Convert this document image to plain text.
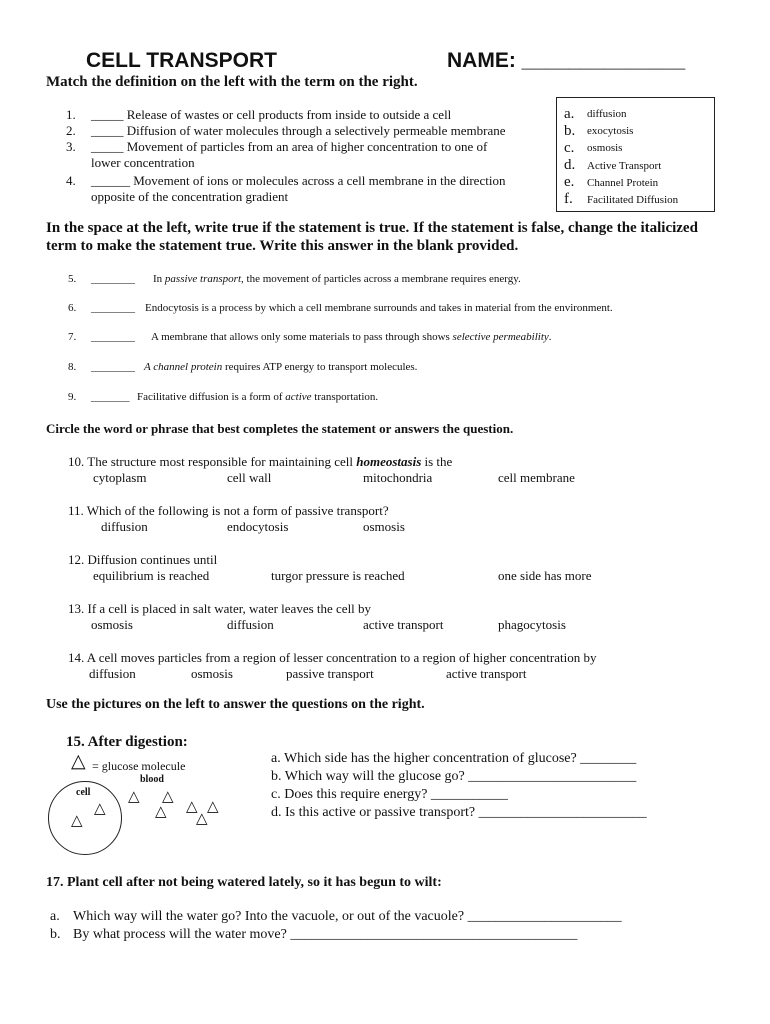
CELL TRANSPORT	NAME: ______________
Match the definition on the left with the term on the right.
1. _____ Release of wastes or cell products from inside to outside a cell
2. _____ Diffusion of water molecules through a selectively permeable membrane
3. _____ Movement of particles from an area of higher concentration to one of
lower concentration
4. ______ Movement of ions or molecules across a cell membrane in the direction
opposite of the concentration gradient
a. diffusion
b. exocytosis
c. osmosis
d. Active Transport
e. Channel Protein
f. Facilitated Diffusion
In the space at the left, write true if the statement is true. If the statement is false, change the italicized
term to make the statement true. Write this answer in the blank provided.
5. ________ In passive transport, the movement of particles across a membrane requires energy.
6. ________ Endocytosis is a process by which a cell membrane surrounds and takes in material from the environment.
7. ________ A membrane that allows only some materials to pass through shows selective permeability.
8. ________ A channel protein requires ATP energy to transport molecules.
9. _______ Facilitative diffusion is a form of active transportation.
Circle the word or phrase that best completes the statement or answers the question.
10. The structure most responsible for maintaining cell homeostasis is the
cytoplasm	cell wall	mitochondria	cell membrane
11. Which of the following is not a form of passive transport?
diffusion	endocytosis	osmosis
12. Diffusion continues until
equilibrium is reached	turgor pressure is reached	one side has more
13. If a cell is placed in salt water, water leaves the cell by
osmosis	diffusion	active transport	phagocytosis
14. A cell moves particles from a region of lesser concentration to a region of higher concentration by
diffusion	osmosis	passive transport	active transport
Use the pictures on the left to answer the questions on the right.
15. After digestion:
△ = glucose molecule
blood
cell
△
△
△ △
△ △ △
△
a. Which side has the higher concentration of glucose? ________
b. Which way will the glucose go? ________________________
c. Does this require energy? ___________
d. Is this active or passive transport? ________________________
17. Plant cell after not being watered lately, so it has begun to wilt:
a. Which way will the water go? Into the vacuole, or out of the vacuole? ______________________
b. By what process will the water move? _________________________________________
